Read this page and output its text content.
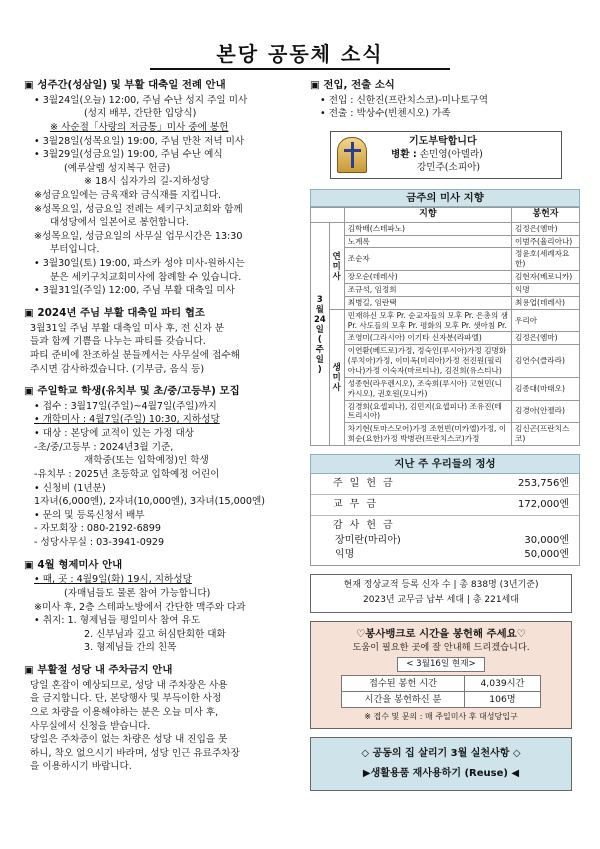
본당 공동체 소식
▣ 성주간(성삼일) 및 부활 대축일 전례 안내
• 3월24일(오늘) 12:00, 주님 수난 성지 주일 미사
(성지 배부, 간단한 입당식)
※ 사순절「사랑의 저금통」미사 중에 봉헌
• 3월28일(성목요일) 19:00, 주님 만찬 저녁 미사
• 3월29일(성금요일) 19:00, 주님 수난 예식
(예루살렘 성지복구 헌금)
※ 18시 십자가의 길-지하성당
※성금요일에는 금육재와 금식재를 지킵니다.
※성목요일, 성금요일 전례는 세키구치교회와 함께
대성당에서 일본어로 봉헌합니다.
※성목요일, 성금요일의 사무실 업무시간은 13:30
부터입니다.
• 3월30일(토) 19:00, 파스카 성야 미사-원하시는
분은 세키구치교회미사에 참례할 수 있습니다.
• 3월31일(주일) 12:00, 주님 부활 대축일 미사
▣ 2024년 주님 부활 대축일 파티 협조
3월31일 주님 부활 대축일 미사 후, 전 신자 분
들과 함께 기쁨을 나누는 파티를 갖습니다.
파티 준비에 찬조하실 분들께서는 사무실에 접수해
주시면 감사하겠습니다. (기부금, 음식 등)
▣ 주일학교 학생(유치부 및 초/중/고등부) 모집
• 접수 : 3월17일(주일)~4월7일(주일)까지
• 개학미사 : 4월7일(주일) 10:30, 지하성당
• 대상 : 본당에 교적이 있는 가정 대상
-초/중/고등부 : 2024년3월 기준,
재학중(또는 입학예정)인 학생
-유치부 : 2025년 초등학교 입학예정 어린이
• 신청비 (1년분)
1자녀(6,000엔), 2자녀(10,000엔), 3자녀(15,000엔)
• 문의 및 등록신청서 배부
- 자모회장 : 080-2192-6899
- 성당사무실 : 03-3941-0929
▣ 4월 형제미사 안내
• 때, 곳 : 4월9일(화) 19시, 지하성당
(자매님들도 물론 참여 가능합니다)
※미사 후, 2층 스테파노방에서 간단한 맥주와 다과
• 취지: 1. 형제님들 평일미사 참여 유도
2. 신부님과 깊고 허심탄회한 대화
3. 형제님들 간의 친목
▣ 부활절 성당 내 주차금지 안내
당일 혼잡이 예상되므로, 성당 내 주차장은 사용
을 금지합니다. 단, 본당행사 및 부득이한 사정
으로 차량을 이용해야하는 분은 오늘 미사 후,
사무실에서 신청을 받습니다.
당일은 주차증이 없는 차량은 성당 내 진입을 못
하니, 착오 없으시기 바라며, 성당 인근 유료주차장
을 이용하시기 바랍니다.
▣ 전입, 전출 소식
• 전입 : 신한진(프란치스코)-미나토구역
• 전출 : 박상수(빈첸시오) 가족
기도부탁합니다
병환 : 손민영(아델라)
강민주(소피아)
금주의 미사 지향
		지향	봉헌자
3 월 24 일 ( 주 일 )	연 미 사	김학배(스테파노)	김정은(엠마)
		노계록	이범주(율리아나)
		조순자	정윤호(세례자요한)
		장오순(데레사)	김현자(베로니카)
		조규석, 임정희	익명
		최병길, 임란택	최용업(데레사)
	생 미 사	민재하신 모후 Pr. 순교자들의 모후 Pr. 은총의 샘 Pr. 사도들의 모후 Pr. 평화의 모후 Pr. 샛아침 Pr.	우리아
		조영미(그라시아) 이기타 신자분(라파엘)	김정은(엠마)
		이연환(베드로)가정, 정숙인(루시아)가정 김명화(루치아)가정, 이미옥(미리아)가정 전진원(필리아나)가정 이숙자(마르티나), 김진희(유스티나)	김연수(클라라)
		성종현(라우렌시오), 조숙희(루시아) 고현민(니카시오), 권호원(모니카)	김종대(마태오)
		김경희(요셉피나), 김민지(요셉피나) 조유진(테트리시아)	김경아(안젤라)
		차기현(토마스모어)가정 조헌빈(미카엘)가정, 이희순(요한)가정 박병관(프란치스코)가정	김신곤(프란치스코)
지난 주 우리들의 정성
주일헌금	253,756엔
교무금	172,000엔
감사헌금
장미란(마리아)	30,000엔
익명	50,000엔
현재 정상교적 등록 신자 수 | 총 838명 (3년기준)
2023년 교무금 납부 세대 | 총 221세대
♡봉사뱅크로 시간을 봉헌해 주세요♡
도움이 필요한 곳에 잘 안내해 드리겠습니다.
< 3월16일 현재>
접수된 봉헌 시간	4,039시간
시간을 봉헌하신 분	106명
※ 접수 및 문의 : 매 주일미사 후 대성당입구
◇ 공동의 집 살리기 3월 실천사항 ◇
▶생활용품 재사용하기 (Reuse) ◀
